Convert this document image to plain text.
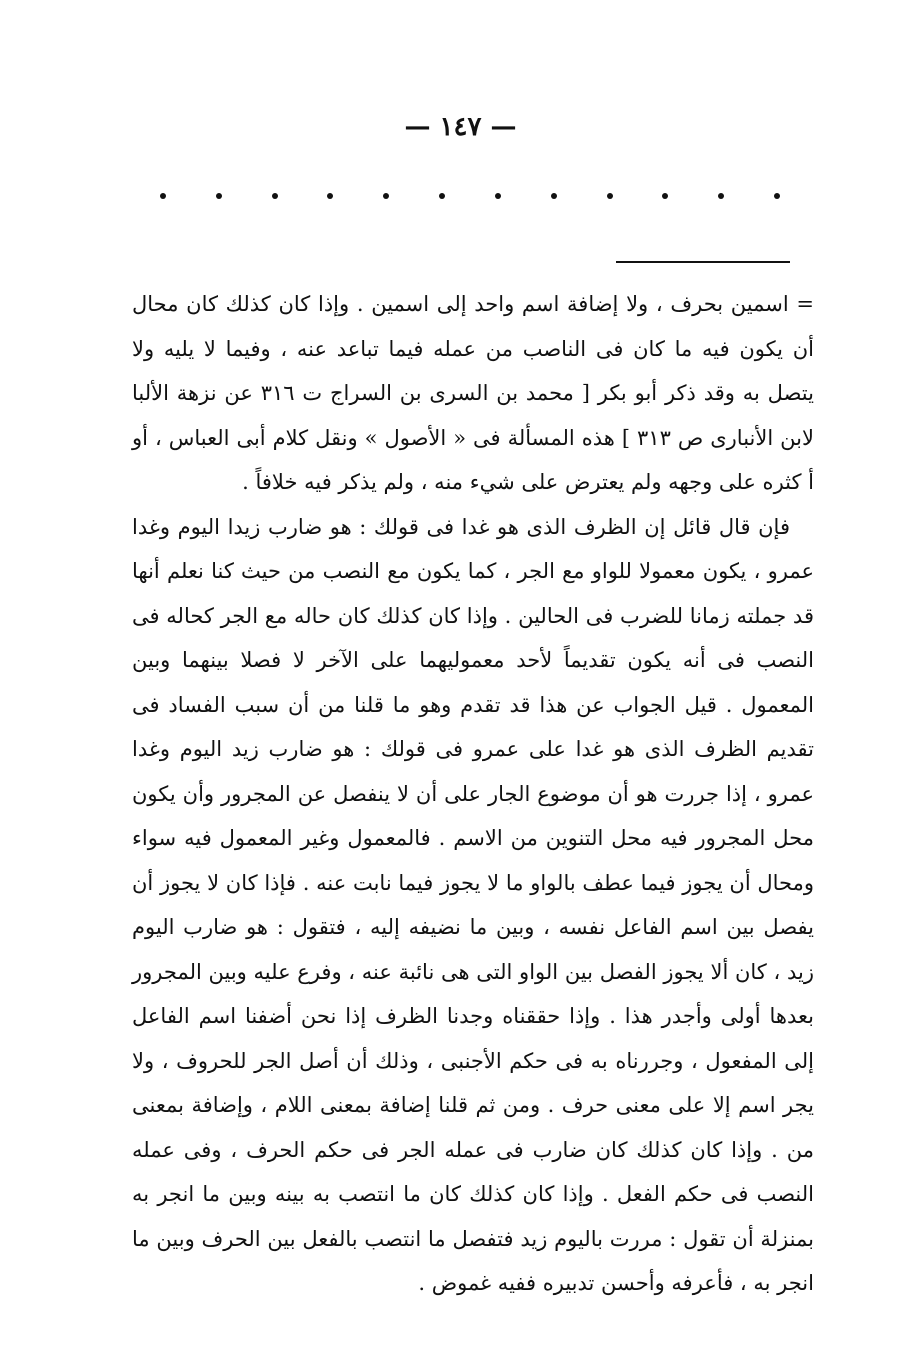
— ١٤٧ —

= اسمين بحرف ، ولا إضافة اسم واحد إلى اسمين . وإذا كان كذلك كان محال أن يكون فيه ما كان فى الناصب من عمله فيما تباعد عنه ، وفيما لا يليه ولا يتصل به وقد ذكر أبو بكر [ محمد بن السرى بن السراج ت ٣١٦ عن نزهة الألبا لابن الأنبارى ص ٣١٣ ] هذه المسألة فى « الأصول » ونقل كلام أبى العباس ، أو أ كثره على وجهه ولم يعترض على شيء منه ، ولم يذكر فيه خلافاً .

فإن قال قائل إن الظرف الذى هو غدا فى قولك : هو ضارب زيدا اليوم وغدا عمرو ، يكون معمولا للواو مع الجر ، كما يكون مع النصب من حيث كنا نعلم أنها قد جملته زمانا للضرب فى الحالين . وإذا كان كذلك كان حاله مع الجر كحاله فى النصب فى أنه يكون تقديماً لأحد معموليهما على الآخر لا فصلا بينهما وبين المعمول . قيل الجواب عن هذا قد تقدم وهو ما قلنا من أن سبب الفساد فى تقديم الظرف الذى هو غدا على عمرو فى قولك : هو ضارب زيد اليوم وغدا عمرو ، إذا جررت هو أن موضوع الجار على أن لا ينفصل عن المجرور وأن يكون محل المجرور فيه محل التنوين من الاسم . فالمعمول وغير المعمول فيه سواء ومحال أن يجوز فيما عطف بالواو ما لا يجوز فيما نابت عنه . فإذا كان لا يجوز أن يفصل بين اسم الفاعل نفسه ، وبين ما نضيفه إليه ، فتقول : هو ضارب اليوم زيد ، كان ألا يجوز الفصل بين الواو التى هى نائبة عنه ، وفرع عليه وبين المجرور بعدها أولى وأجدر هذا . وإذا حققناه وجدنا الظرف إذا نحن أضفنا اسم الفاعل إلى المفعول ، وجررناه به فى حكم الأجنبى ، وذلك أن أصل الجر للحروف ، ولا يجر اسم إلا على معنى حرف . ومن ثم قلنا إضافة بمعنى اللام ، وإضافة بمعنى من . وإذا كان كذلك كان ضارب فى عمله الجر فى حكم الحرف ، وفى عمله النصب فى حكم الفعل . وإذا كان كذلك كان ما انتصب به بينه وبين ما انجر به بمنزلة أن تقول : مررت باليوم زيد فتفصل ما انتصب بالفعل بين الحرف وبين ما انجر به ، فأعرفه وأحسن تدبيره ففيه غموض .
